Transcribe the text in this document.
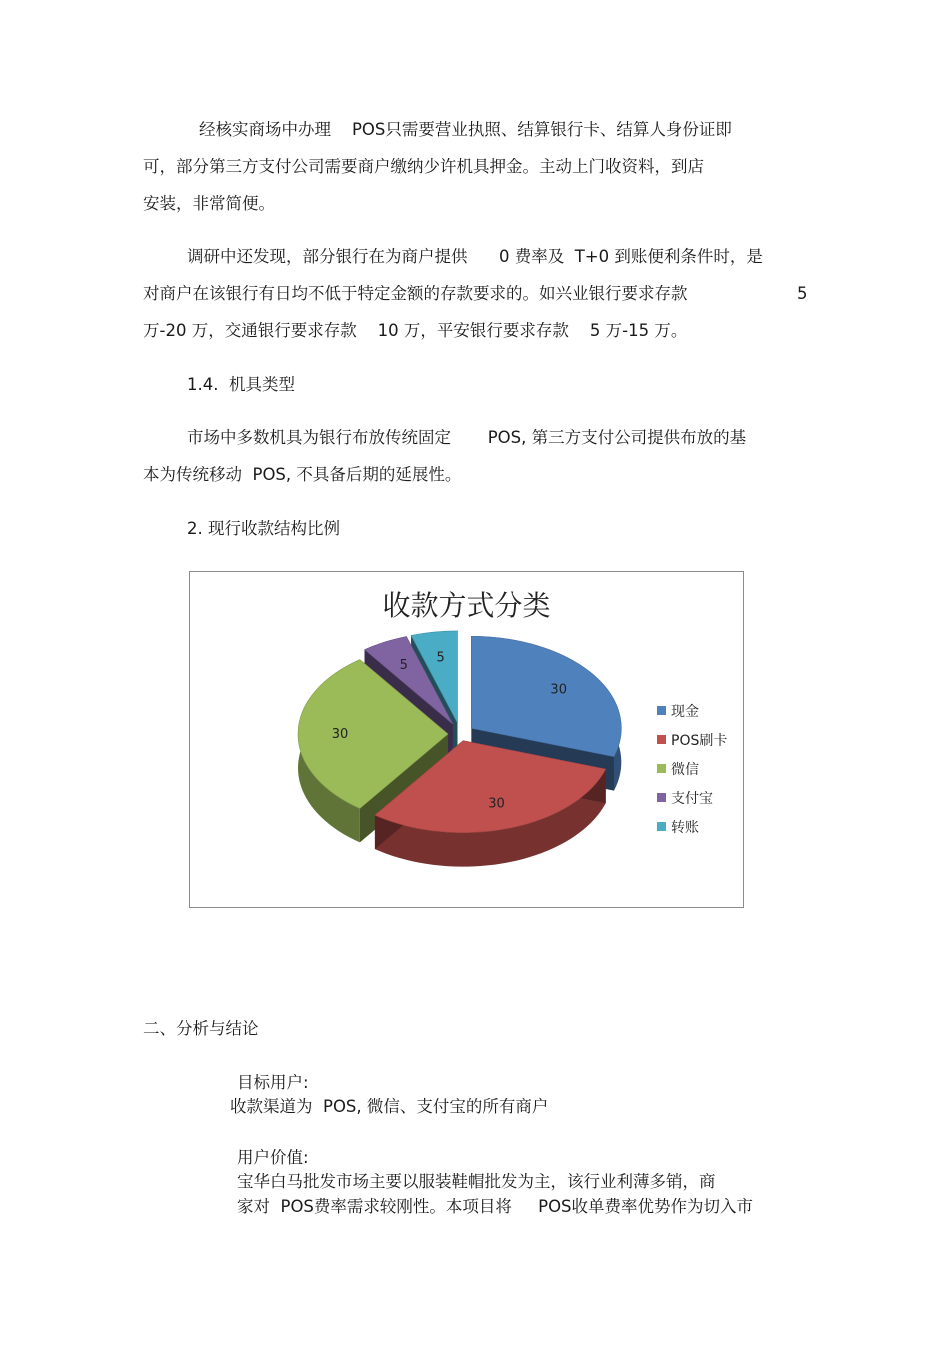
经核实商场中办理    POS只需要营业执照、结算银行卡、结算人身份证即
可，部分第三方支付公司需要商户缴纳少许机具押金。主动上门收资料，到店
安装，非常简便。
调研中还发现，部分银行在为商户提供      0 费率及  T+0 到账便利条件时，是
对商户在该银行有日均不低于特定金额的存款要求的。如兴业银行要求存款	5
万-20 万，交通银行要求存款    10 万，平安银行要求存款    5 万-15 万。
1.4.  机具类型
市场中多数机具为银行布放传统固定       POS, 第三方支付公司提供布放的基
本为传统移动  POS, 不具备后期的延展性。
2. 现行收款结构比例
收款方式分类
5
5
30
30
30
现金
POS刷卡
微信
支付宝
转账
二、分析与结论
目标用户:
收款渠道为  POS, 微信、支付宝的所有商户
用户价值:
宝华白马批发市场主要以服装鞋帽批发为主，该行业利薄多销，商
家对  POS费率需求较刚性。本项目将     POS收单费率优势作为切入市
